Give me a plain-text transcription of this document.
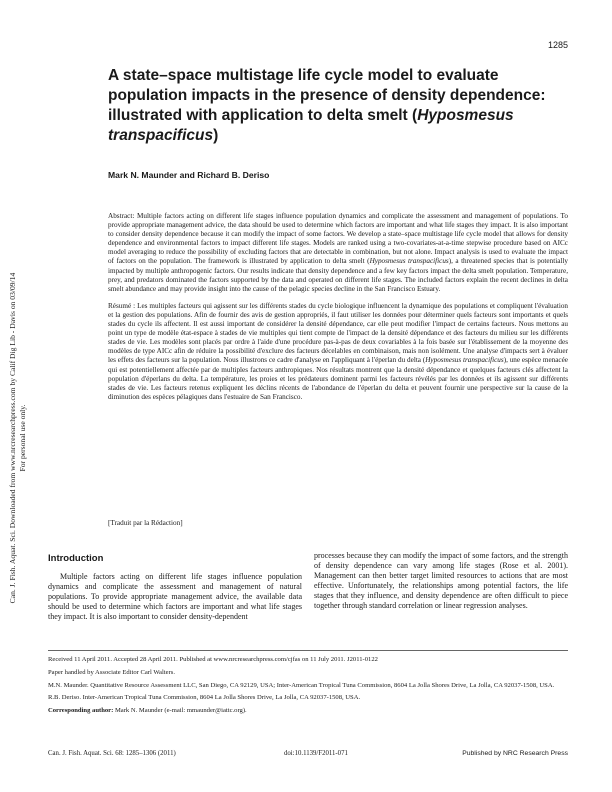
1285
Can. J. Fish. Aquat. Sci. Downloaded from www.nrcresearchpress.com by Calif Dig Lib - Davis on 03/09/14 For personal use only.
A state–space multistage life cycle model to evaluate population impacts in the presence of density dependence: illustrated with application to delta smelt (Hyposmesus transpacificus)
Mark N. Maunder and Richard B. Deriso

Abstract: Multiple factors acting on different life stages influence population dynamics and complicate the assessment and management of populations. To provide appropriate management advice, the data should be used to determine which factors are important and what life stages they impact. It is also important to consider density dependence because it can modify the impact of some factors. We develop a state–space multistage life cycle model that allows for density dependence and environmental factors to impact different life stages. Models are ranked using a two-covariates-at-a-time stepwise procedure based on AICc model averaging to reduce the possibility of excluding factors that are detectable in combination, but not alone. Impact analysis is used to evaluate the impact of factors on the population. The framework is illustrated by application to delta smelt (Hyposmesus transpacificus), a threatened species that is potentially impacted by multiple anthropogenic factors. Our results indicate that density dependence and a few key factors impact the delta smelt population. Temperature, prey, and predators dominated the factors supported by the data and operated on different life stages. The included factors explain the recent declines in delta smelt abundance and may provide insight into the cause of the pelagic species decline in the San Francisco Estuary.

Résumé : Les multiples facteurs qui agissent sur les différents stades du cycle biologique influencent la dynamique des populations et compliquent l'évaluation et la gestion des populations. Afin de fournir des avis de gestion appropriés, il faut utiliser les données pour déterminer quels facteurs sont importants et quels stades du cycle ils affectent. Il est aussi important de considérer la densité dépendance, car elle peut modifier l'impact de certains facteurs. Nous mettons au point un type de modèle état-espace à stades de vie multiples qui tient compte de l'impact de la densité dépendance et des facteurs du milieu sur les différents stades de vie. Les modèles sont placés par ordre à l'aide d'une procédure pas-à-pas de deux covariables à la fois basée sur l'établissement de la moyenne des modèles de type AICc afin de réduire la possibilité d'exclure des facteurs décelables en combinaison, mais non isolément. Une analyse d'impacts sert à évaluer les effets des facteurs sur la population. Nous illustrons ce cadre d'analyse en l'appliquant à l'éperlan du delta (Hyposmesus transpacificus), une espèce menacée qui est potentiellement affectée par de multiples facteurs anthropiques. Nos résultats montrent que la densité dépendance et quelques facteurs clés affectent la population d'éperlans du delta. La température, les proies et les prédateurs dominent parmi les facteurs révélés par les données et ils agissent sur différents stades de vie. Les facteurs retenus expliquent les déclins récents de l'abondance de l'éperlan du delta et peuvent fournir une perspective sur la cause de la diminution des espèces pélagiques dans l'estuaire de San Francisco.

[Traduit par la Rédaction]
Introduction

Multiple factors acting on different life stages influence population dynamics and complicate the assessment and management of natural populations. To provide appropriate management advice, the available data should be used to determine which factors are important and what life stages they impact. It is also important to consider density-dependent

processes because they can modify the impact of some factors, and the strength of density dependence can vary among life stages (Rose et al. 2001). Management can then better target limited resources to actions that are most effective. Unfortunately, the relationships among potential factors, the life stages that they influence, and density dependence are often difficult to piece together through standard correlation or linear regression analyses.

Received 11 April 2011. Accepted 28 April 2011. Published at www.nrcresearchpress.com/cjfas on 11 July 2011. J2011-0122

Paper handled by Associate Editor Carl Walters.

M.N. Maunder. Quantitative Resource Assessment LLC, San Diego, CA 92129, USA; Inter-American Tropical Tuna Commission, 8604 La Jolla Shores Drive, La Jolla, CA 92037-1508, USA.

R.B. Deriso. Inter-American Tropical Tuna Commission, 8604 La Jolla Shores Drive, La Jolla, CA 92037-1508, USA.

Corresponding author: Mark N. Maunder (e-mail: mmaunder@iattc.org).

Can. J. Fish. Aquat. Sci. 68: 1285–1306 (2011)	doi:10.1139/F2011-071	Published by NRC Research Press
